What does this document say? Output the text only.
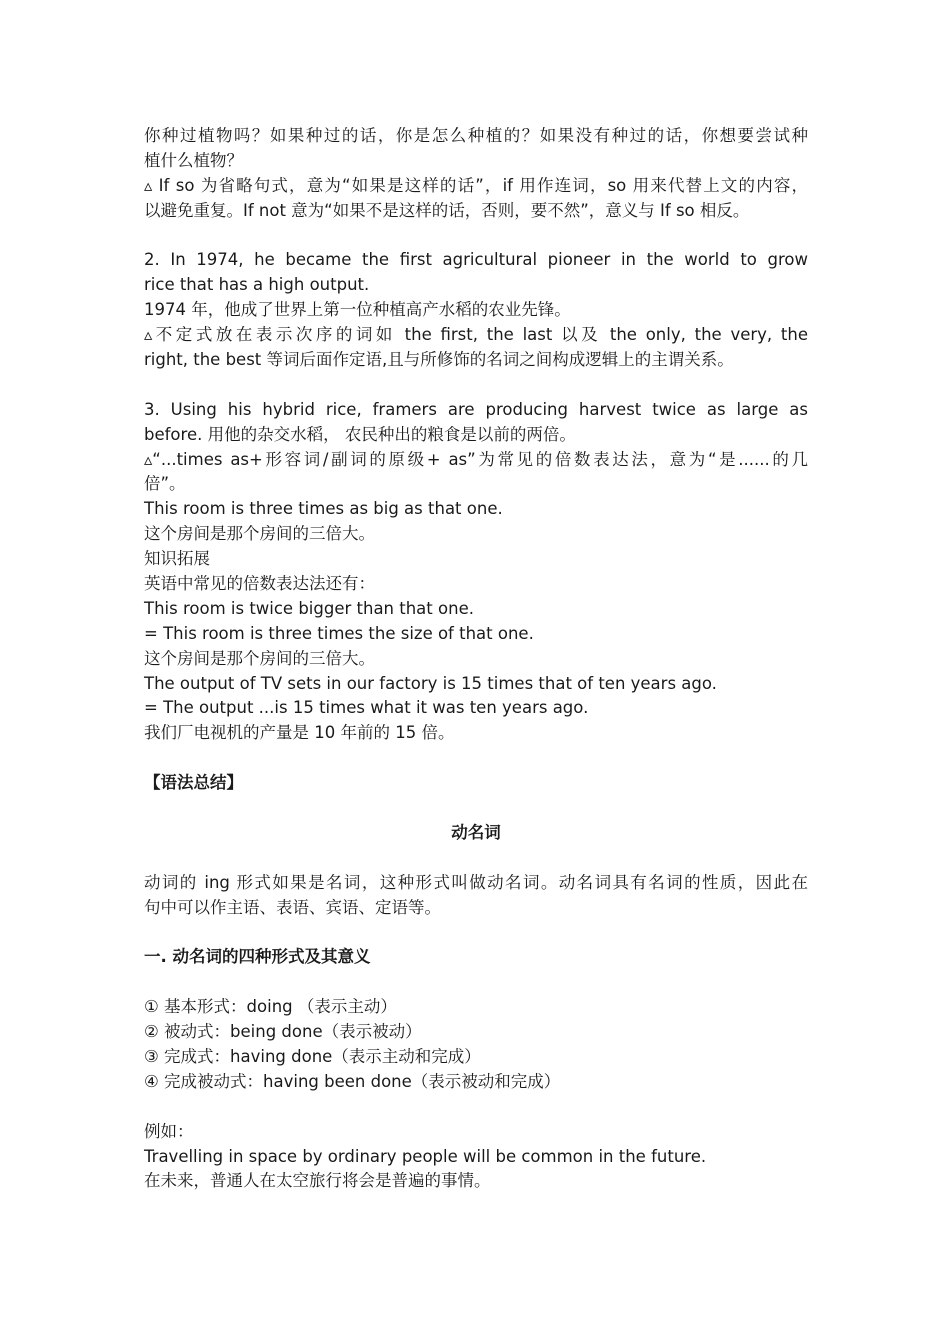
你种过植物吗？如果种过的话，你是怎么种植的？如果没有种过的话，你想要尝试种
植什么植物？
▵ If so 为省略句式，意为“如果是这样的话”，if 用作连词，so 用来代替上文的内容，
以避免重复。If not 意为“如果不是这样的话，否则，要不然”，意义与 If so 相反。
2. In 1974, he became the first agricultural pioneer in the world to grow
rice that has a high output.
1974 年，他成了世界上第一位种植高产水稻的农业先锋。
▵不定式放在表示次序的词如 the first, the last 以及 the only, the very, the
right, the best 等词后面作定语,且与所修饰的名词之间构成逻辑上的主谓关系。
3. Using his hybrid rice, framers are producing harvest twice as large as
before. 用他的杂交水稻， 农民种出的粮食是以前的两倍。
▵“...times as+形容词/副词的原级+ as”为常见的倍数表达法，意为“是......的几
倍”。
This room is three times as big as that one.
这个房间是那个房间的三倍大。
知识拓展
英语中常见的倍数表达法还有：
This room is twice bigger than that one.
= This room is three times the size of that one.
这个房间是那个房间的三倍大。
The output of TV sets in our factory is 15 times that of ten years ago.
= The output ...is 15 times what it was ten years ago.
我们厂电视机的产量是 10 年前的 15 倍。
【语法总结】
动名词
动词的 ing 形式如果是名词，这种形式叫做动名词。动名词具有名词的性质，因此在
句中可以作主语、表语、宾语、定语等。
一. 动名词的四种形式及其意义
① 基本形式：doing （表示主动）
② 被动式：being done（表示被动）
③ 完成式：having done（表示主动和完成）
④ 完成被动式：having been done（表示被动和完成）
例如：
Travelling in space by ordinary people will be common in the future.
在未来，普通人在太空旅行将会是普遍的事情。
